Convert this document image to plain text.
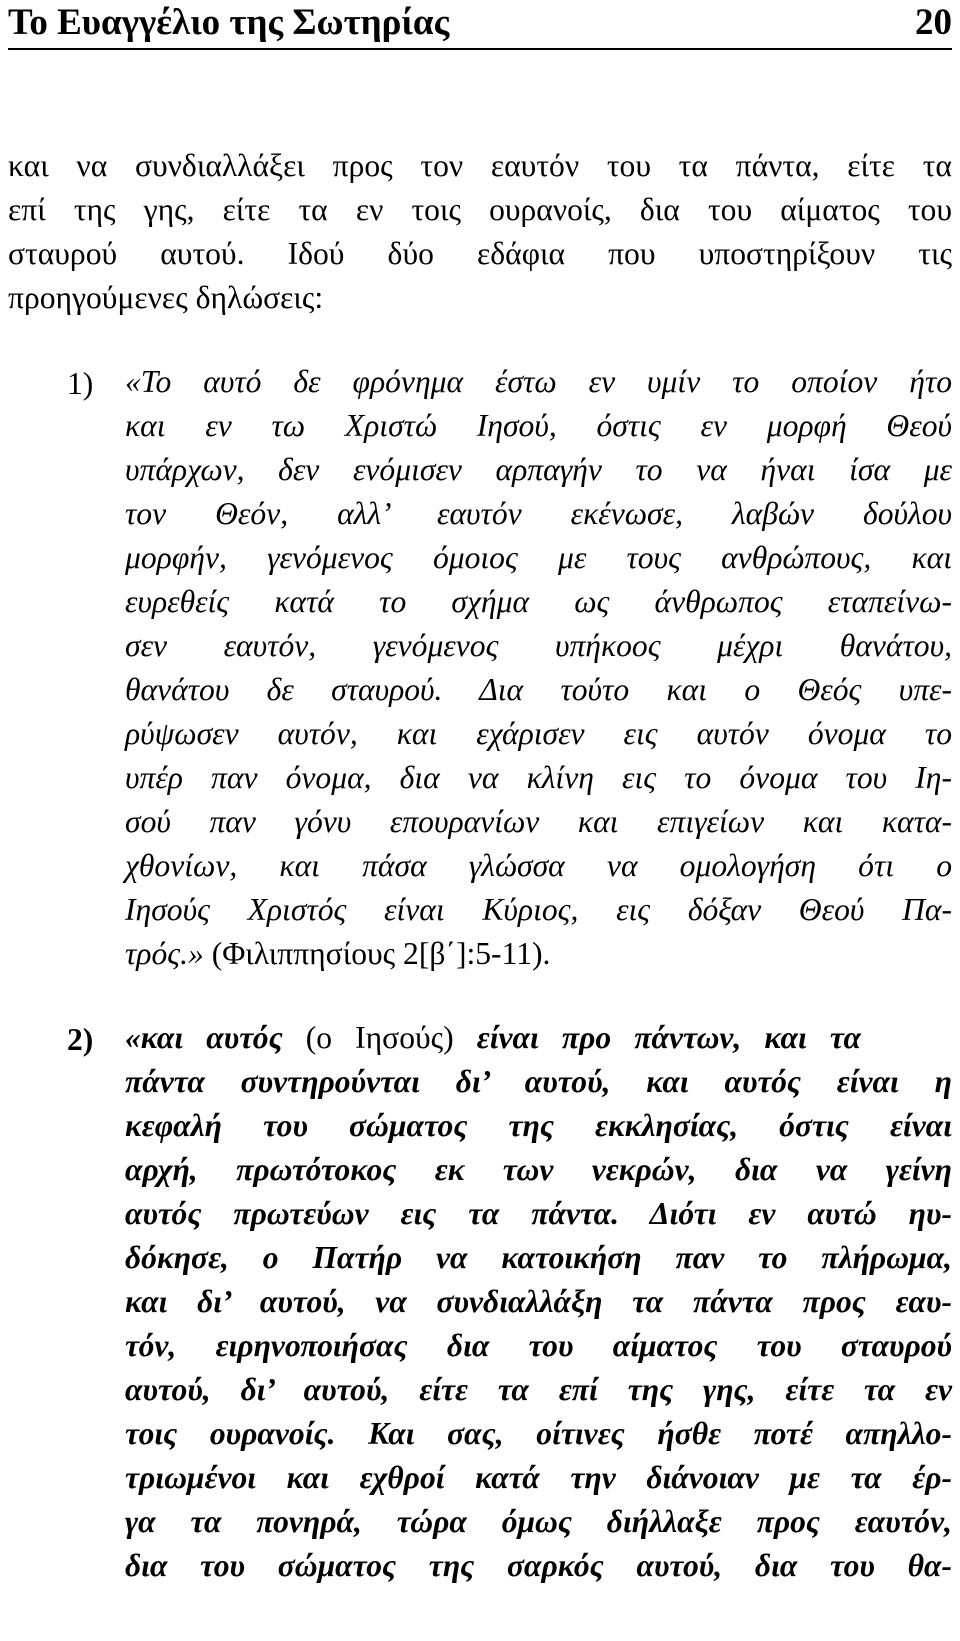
Το Ευαγγέλιο της Σωτηρίας	20
και να συνδιαλλάξει προς τον εαυτόν του τα πάντα, είτε τα
επί της γης, είτε τα εν τοις ουρανοίς, δια του αίματος του
σταυρού αυτού. Ιδού δύο εδάφια που υποστηρίξουν τις
προηγούμενες δηλώσεις:
1) «Το αυτό δε φρόνημα έστω εν υμίν το οποίον ήτο
και εν τω Χριστώ Ιησού, όστις εν μορφή Θεού
υπάρχων, δεν ενόμισεν αρπαγήν το να ήναι ίσα με
τον Θεόν, αλλ’ εαυτόν εκένωσε, λαβών δούλου
μορφήν, γενόμενος όμοιος με τους ανθρώπους, και
ευρεθείς κατά το σχήμα ως άνθρωπος εταπείνω-
σεν εαυτόν, γενόμενος υπήκοος μέχρι θανάτου,
θανάτου δε σταυρού. Δια τούτο και ο Θεός υπε-
ρύψωσεν αυτόν, και εχάρισεν εις αυτόν όνομα το
υπέρ παν όνομα, δια να κλίνη εις το όνομα του Ιη-
σού παν γόνυ επουρανίων και επιγείων και κατα-
χθονίων, και πάσα γλώσσα να ομολογήση ότι ο
Ιησούς Χριστός είναι Κύριος, εις δόξαν Θεού Πα-
τρός.» (Φιλιππησίους 2[β΄]:5-11).
2) «και αυτός (ο Ιησούς) είναι προ πάντων, και τα
πάντα συντηρούνται δι’ αυτού, και αυτός είναι η
κεφαλή του σώματος της εκκλησίας, όστις είναι
αρχή, πρωτότοκος εκ των νεκρών, δια να γείνη
αυτός πρωτεύων εις τα πάντα. Διότι εν αυτώ ηυ-
δόκησε, ο Πατήρ να κατοικήση παν το πλήρωμα,
και δι’ αυτού, να συνδιαλλάξη τα πάντα προς εαυ-
τόν, ειρηνοποιήσας δια του αίματος του σταυρού
αυτού, δι’ αυτού, είτε τα επί της γης, είτε τα εν
τοις ουρανοίς. Και σας, οίτινες ήσθε ποτέ απηλλο-
τριωμένοι και εχθροί κατά την διάνοιαν με τα έρ-
γα τα πονηρά, τώρα όμως διήλλαξε προς εαυτόν,
δια του σώματος της σαρκός αυτού, δια του θα-
